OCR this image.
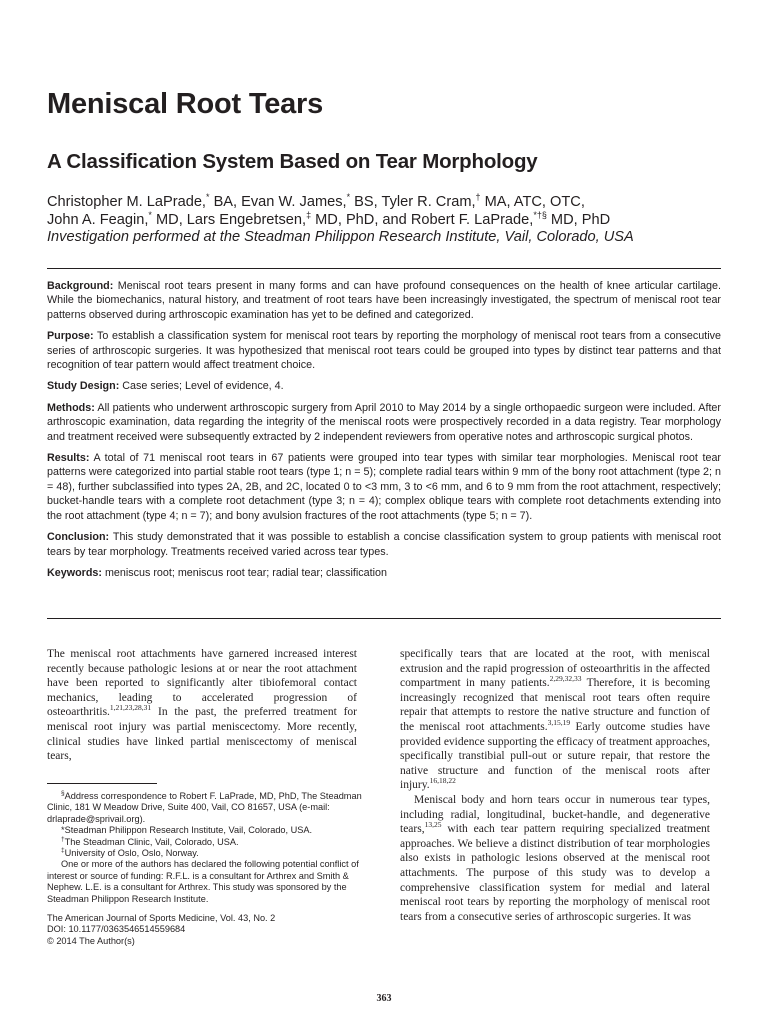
Meniscal Root Tears
A Classification System Based on Tear Morphology
Christopher M. LaPrade,* BA, Evan W. James,* BS, Tyler R. Cram,† MA, ATC, OTC,
John A. Feagin,* MD, Lars Engebretsen,‡ MD, PhD, and Robert F. LaPrade,*†§ MD, PhD
Investigation performed at the Steadman Philippon Research Institute, Vail, Colorado, USA

Background: Meniscal root tears present in many forms and can have profound consequences on the health of knee articular cartilage. While the biomechanics, natural history, and treatment of root tears have been increasingly investigated, the spectrum of meniscal root tear patterns observed during arthroscopic examination has yet to be defined and categorized.

Purpose: To establish a classification system for meniscal root tears by reporting the morphology of meniscal root tears from a consecutive series of arthroscopic surgeries. It was hypothesized that meniscal root tears could be grouped into types by distinct tear patterns and that recognition of tear pattern would affect treatment choice.

Study Design: Case series; Level of evidence, 4.

Methods: All patients who underwent arthroscopic surgery from April 2010 to May 2014 by a single orthopaedic surgeon were included. After arthroscopic examination, data regarding the integrity of the meniscal roots were prospectively recorded in a data registry. Tear morphology and treatment received were subsequently extracted by 2 independent reviewers from operative notes and arthroscopic surgical photos.

Results: A total of 71 meniscal root tears in 67 patients were grouped into tear types with similar tear morphologies. Meniscal root tear patterns were categorized into partial stable root tears (type 1; n = 5); complete radial tears within 9 mm of the bony root attachment (type 2; n = 48), further subclassified into types 2A, 2B, and 2C, located 0 to <3 mm, 3 to <6 mm, and 6 to 9 mm from the root attachment, respectively; bucket-handle tears with a complete root detachment (type 3; n = 4); complex oblique tears with complete root detachments extending into the root attachment (type 4; n = 7); and bony avulsion fractures of the root attachments (type 5; n = 7).

Conclusion: This study demonstrated that it was possible to establish a concise classification system to group patients with meniscal root tears by tear morphology. Treatments received varied across tear types.

Keywords: meniscus root; meniscus root tear; radial tear; classification

The meniscal root attachments have garnered increased interest recently because pathologic lesions at or near the root attachment have been reported to significantly alter tibiofemoral contact mechanics, leading to accelerated progression of osteoarthritis.$^{1,21,23,28,31}$ In the past, the preferred treatment for meniscal root injury was partial meniscectomy. More recently, clinical studies have linked partial meniscectomy of meniscal tears,

§Address correspondence to Robert F. LaPrade, MD, PhD, The Steadman Clinic, 181 W Meadow Drive, Suite 400, Vail, CO 81657, USA (e-mail: drlaprade@sprivail.org).

*Steadman Philippon Research Institute, Vail, Colorado, USA.

†The Steadman Clinic, Vail, Colorado, USA.

‡University of Oslo, Oslo, Norway.

One or more of the authors has declared the following potential conflict of interest or source of funding: R.F.L. is a consultant for Arthrex and Smith & Nephew. L.E. is a consultant for Arthrex. This study was sponsored by the Steadman Philippon Research Institute.

The American Journal of Sports Medicine, Vol. 43, No. 2
DOI: 10.1177/0363546514559684
© 2014 The Author(s)

specifically tears that are located at the root, with meniscal extrusion and the rapid progression of osteoarthritis in the affected compartment in many patients.$^{2,29,32,33}$ Therefore, it is becoming increasingly recognized that meniscal root tears often require repair that attempts to restore the native structure and function of the meniscal root attachments.$^{3,15,19}$ Early outcome studies have provided evidence supporting the efficacy of treatment approaches, specifically transtibial pull-out or suture repair, that restore the native structure and function of the meniscal roots after injury.$^{16,18,22}$

Meniscal body and horn tears occur in numerous tear types, including radial, longitudinal, bucket-handle, and degenerative tears,$^{13,25}$ with each tear pattern requiring specialized treatment approaches. We believe a distinct distribution of tear morphologies also exists in pathologic lesions observed at the meniscal root attachments. The purpose of this study was to develop a comprehensive classification system for medial and lateral meniscal root tears by reporting the morphology of meniscal root tears from a consecutive series of arthroscopic surgeries. It was

363
